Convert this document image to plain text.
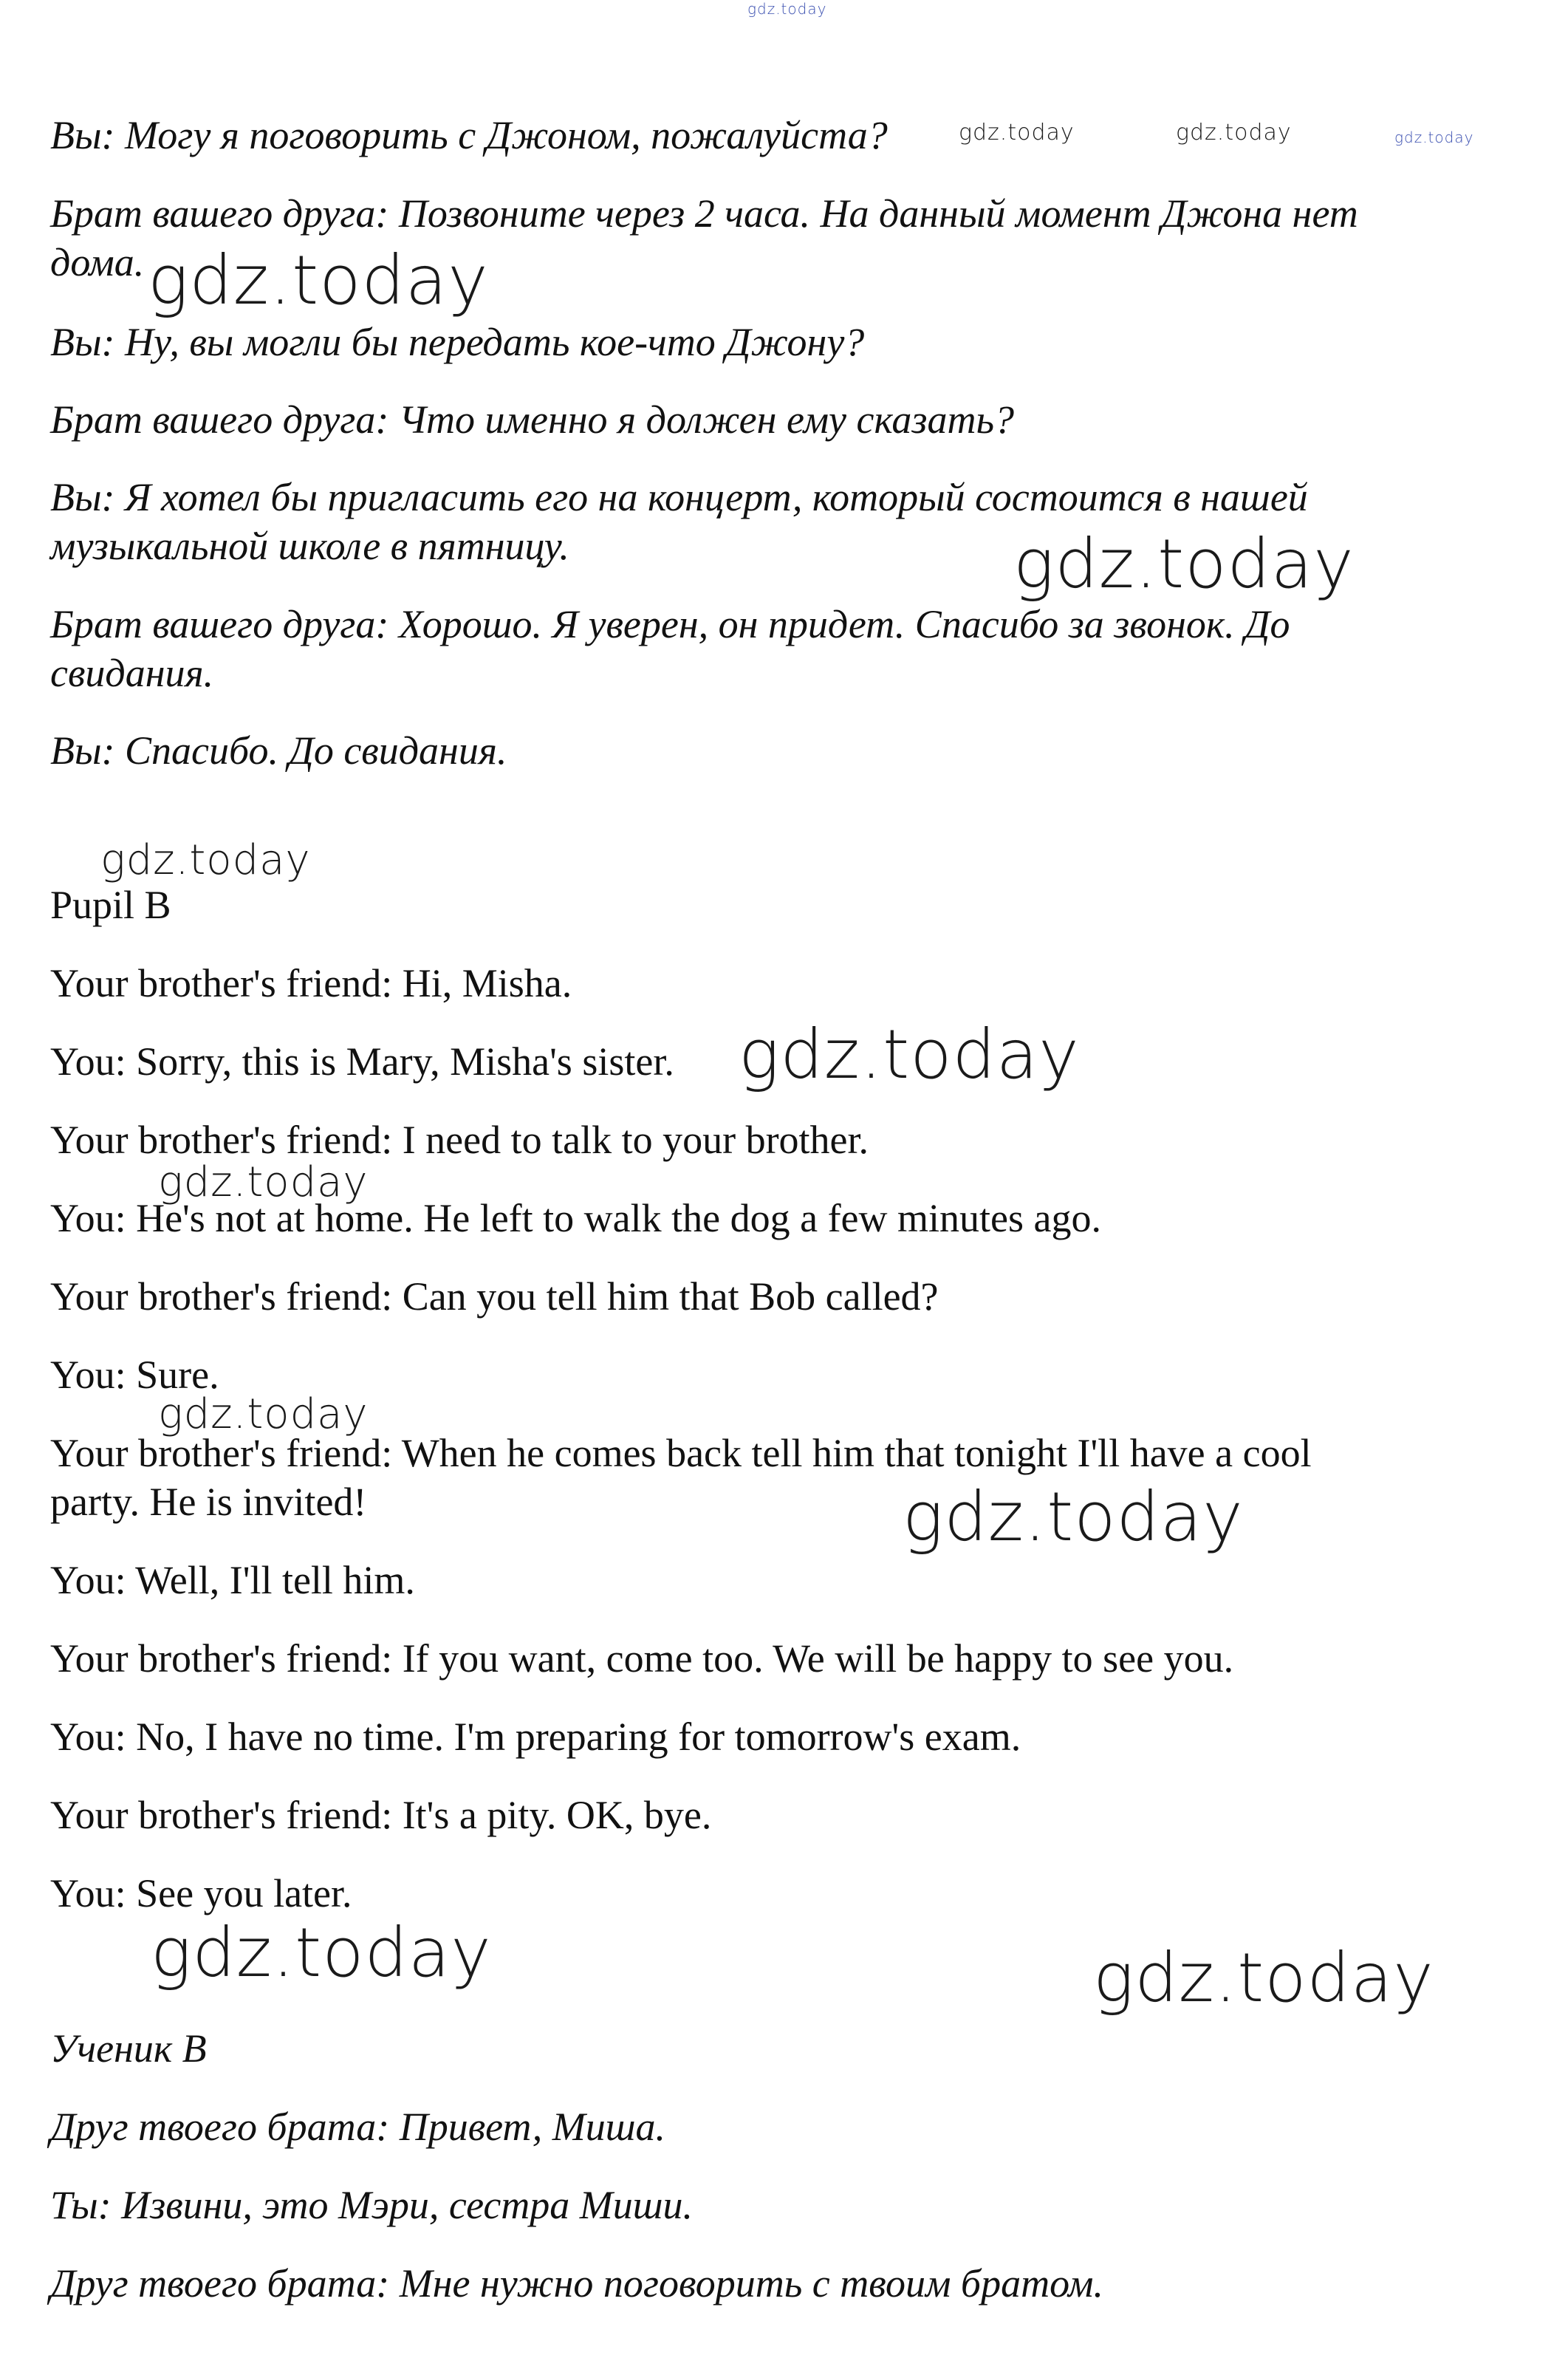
Вы: Могу я поговорить с Джоном, пожалуйста?
Брат вашего друга: Позвоните через 2 часа. На данный момент Джона нет
дома.
Вы: Ну, вы могли бы передать кое-что Джону?
Брат вашего друга: Что именно я должен ему сказать?
Вы: Я хотел бы пригласить его на концерт, который состоится в нашей
музыкальной школе в пятницу.
Брат вашего друга: Хорошо. Я уверен, он придет. Спасибо за звонок. До
свидания.
Вы: Спасибо. До свидания.
Pupil B
Your brother's friend: Hi, Misha.
You: Sorry, this is Mary, Misha's sister.
Your brother's friend: I need to talk to your brother.
You: He's not at home. He left to walk the dog a few minutes ago.
Your brother's friend: Can you tell him that Bob called?
You: Sure.
Your brother's friend: When he comes back tell him that tonight I'll have a cool
party. He is invited!
You: Well, I'll tell him.
Your brother's friend: If you want, come too. We will be happy to see you.
You: No, I have no time. I'm preparing for tomorrow's exam.
Your brother's friend: It's a pity. OK, bye.
You: See you later.
Ученик B
Друг твоего брата: Привет, Миша.
Ты: Извини, это Мэри, сестра Миши.
Друг твоего брата: Мне нужно поговорить с твоим братом.
gdz.today
gdz.today	gdz.today	gdz.today
gdz.today
gdz.today
gdz.today
gdz.today
gdz.today
gdz.today
gdz.today
gdz.today	gdz.today
